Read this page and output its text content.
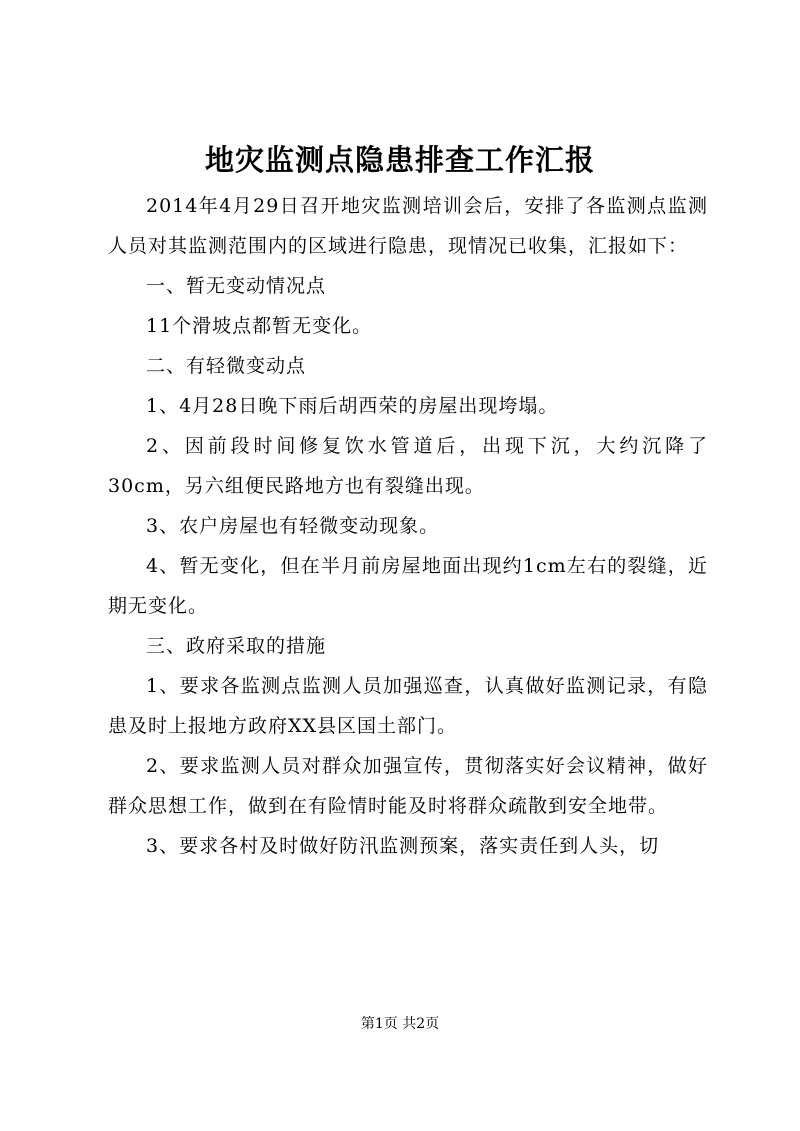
地灾监测点隐患排查工作汇报

2014年4月29日召开地灾监测培训会后，安排了各监测点监测人员对其监测范围内的区域进行隐患，现情况已收集，汇报如下：

一、暂无变动情况点

11个滑坡点都暂无变化。

二、有轻微变动点

1、4月28日晚下雨后胡西荣的房屋出现垮塌。

2、因前段时间修复饮水管道后，出现下沉，大约沉降了30cm，另六组便民路地方也有裂缝出现。

3、农户房屋也有轻微变动现象。

4、暂无变化，但在半月前房屋地面出现约1cm左右的裂缝，近期无变化。

三、政府采取的措施

1、要求各监测点监测人员加强巡查，认真做好监测记录，有隐患及时上报地方政府XX县区国土部门。

2、要求监测人员对群众加强宣传，贯彻落实好会议精神，做好群众思想工作，做到在有险情时能及时将群众疏散到安全地带。

3、要求各村及时做好防汛监测预案，落实责任到人头，切

第1页 共2页
